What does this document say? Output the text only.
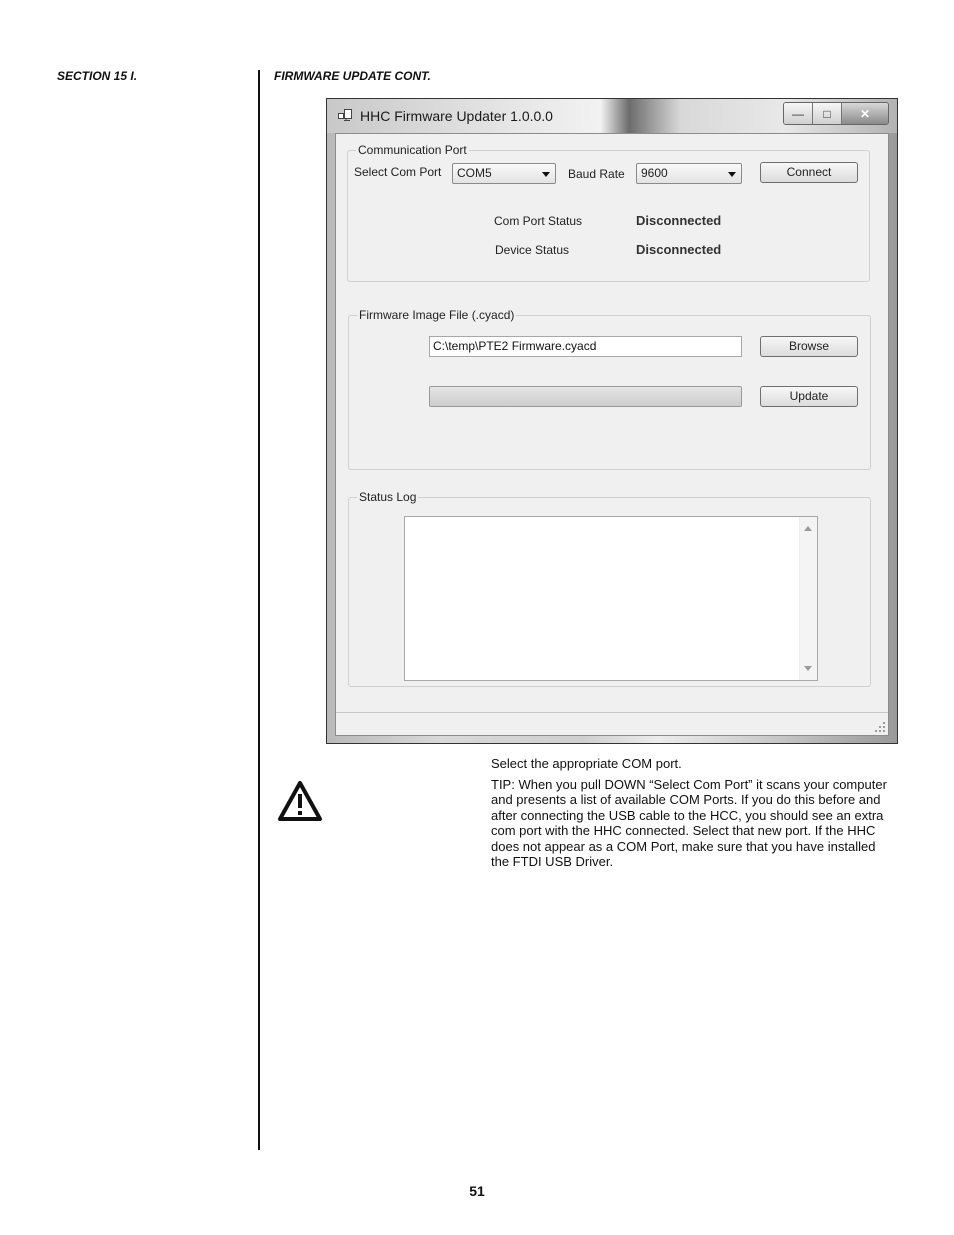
SECTION 15 I.	FIRMWARE UPDATE CONT.
HHC Firmware Updater 1.0.0.0	—	□	✕
Communication Port
Select Com Port	COM5	Baud Rate	9600	Connect
Com Port Status	Disconnected
Device Status	Disconnected
Firmware Image File (.cyacd)
C:\temp\PTE2 Firmware.cyacd	Browse
Update
Status Log

Select the appropriate COM port.

TIP: When you pull DOWN “Select Com Port” it scans your computer and presents a list of available COM Ports. If you do this before and after connecting the USB cable to the HCC, you should see an extra com port with the HHC connected. Select that new port. If the HHC does not appear as a COM Port, make sure that you have installed the FTDI USB Driver.

51
